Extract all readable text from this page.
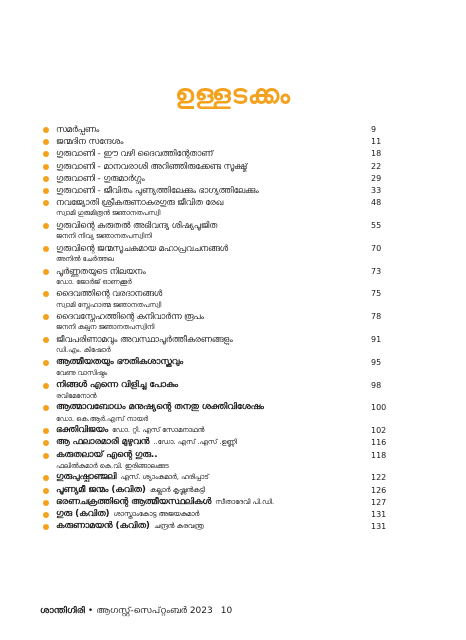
ഉള്ളടക്കം
സമർപ്പണം	9
ജന്മദിന സന്ദേശം	11
ഗുരുവാണി - ഈ വഴി ദൈവത്തിന്റേതാണ്	18
ഗുരുവാണി - മാനവരാശി അറിഞ്ഞിരുക്കേണ്ട സൂക്ഷ്മ്	22
ഗുരുവാണി - ഗുരുമാർഗ്ഗം	29
ഗുരുവാണി - ജീവിതം പുണ്യത്തിലേക്കും ഭാഗ്യത്തിലേക്കും	33
നവജ്യോതി ശ്രീകരുണാകരഗുരു ജീവിത രേഖ	48
സ്വാമി ഗുരുമിത്രൻ ജ്ഞാനതപസ്വി
ഗുരുവിന്റെ കരുതൽ അഭിവന്ദ്യ ശിഷ്യപൂജിത	55
ജനനി നിവ്യ ജ്ഞാനതപസ്വിനി
ഗുരുവിന്റെ ജന്മസൂചകമായ മഹാപ്രവചനങ്ങൾ	70
അനിൽ ചേർത്തല
പൂർണ്ണതയുടെ നിലയനം	73
ഡോ. ജോർജ് ഓണക്കൂർ
ദൈവത്തിന്റെ വരദാനങ്ങൾ	75
സ്വാമി സ്നേഹാത്മ ജ്ഞാനതപസ്വി
ദൈവസ്നേഹത്തിന്റെ കനിവാർന്ന രൂപം	78
ജനനി കല്പന ജ്ഞാനതപസ്വിനി
ജീവപരിണാമവും അവസ്ഥാപൂർത്തീകരണങ്ങളും	91
ഡി.എം. കിഷോർ
ആത്മീയതയും ഭൗതികശാസ്ത്രവും	95
വേണു വാസിഷ്ഠം
നിങ്ങൾ എന്നെ വിളിച്ചു പോകും	98
രവിമേനോൻ
ആത്മാവബോധം മനുഷ്യന്റെ തനതു ശക്തിവിശേഷം	100
ഡോ. കെ.ആർ.എസ് നായർ
ഭക്തിവിജയം ഡോ. റ്റി. എസ് സോമനാഥൻ	102
ആ ഫലാരമാരി മുഴുവൻ ..ഡോ. എസ് .എസ് .ഉണ്ണി	116
കരുതലായ് എന്റെ ഗുരു..	118
ഫലിൽകുമാർ കെ.വി. ഇരിങ്ങാലക്കുട
ഗുരുപുഷ്പാഞ്ജലി എസ്. ശ്യാംകുമാർ, ഹരിപ്പാട്	122
പൂണ്യമീ ജന്മം (കവിത) കല്ലാർ കൃഷ്ണൻകുട്ടി	126
ഭരണചക്രത്തിന്റെ ആത്മീയസ്ഥലികൾ സീതാദേവി പി.ഡി.	127
ഗുരു (കവിത) ശാസ്താംകോട്ട അജയകുമാർ	131
കരുണാമയൻ (കവിത) ചന്ദ്രൻ കരവന്ത്ര	131
ശാന്തിഗിരി • ആഗസ്റ്റ്-സെപ്റ്റംബർ 2023 10
